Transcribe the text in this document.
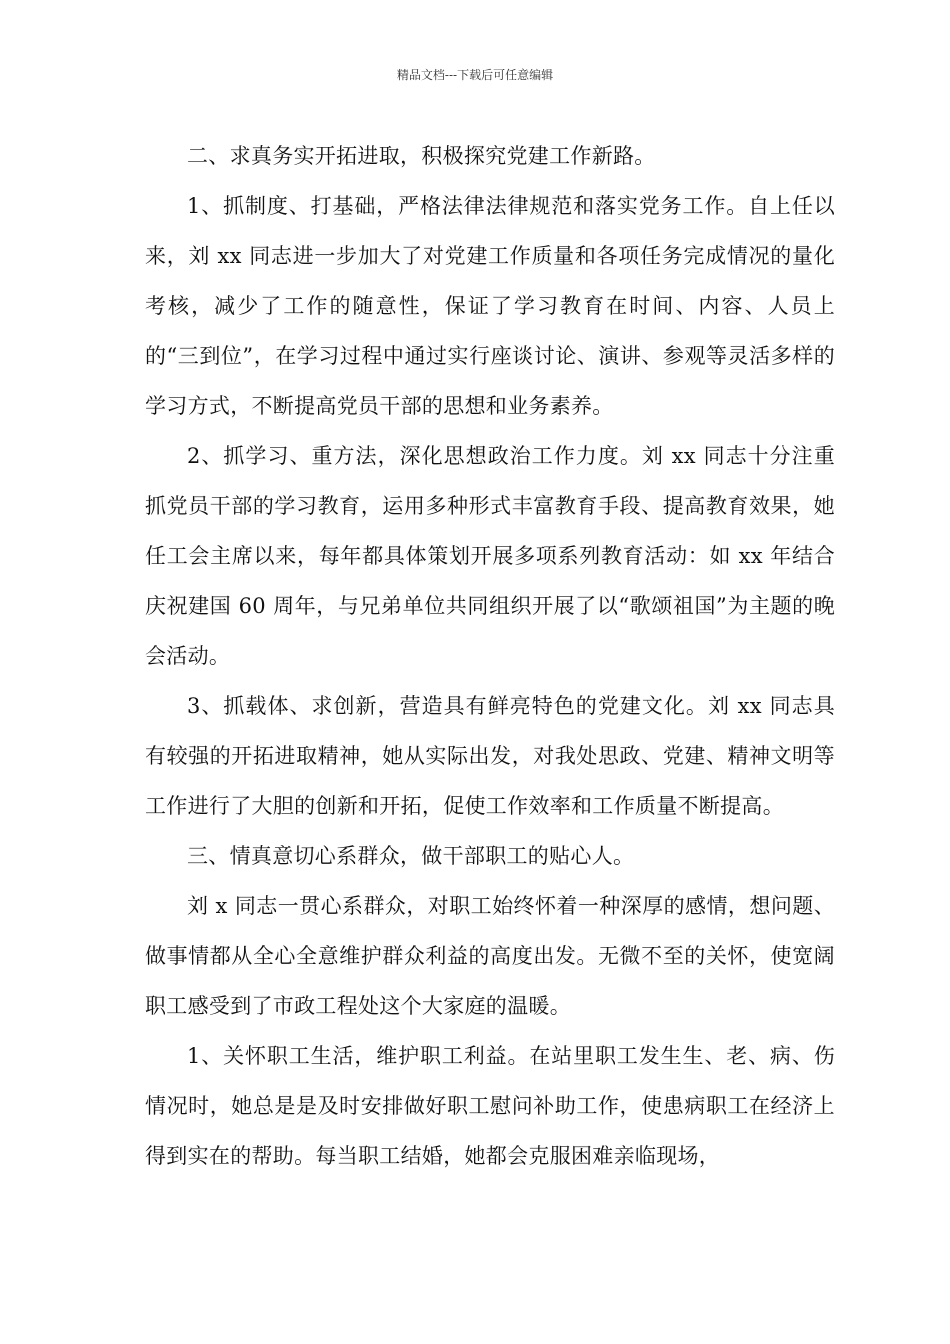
精品文档---下载后可任意编辑

二、求真务实开拓进取，积极探究党建工作新路。

1、抓制度、打基础，严格法律法律规范和落实党务工作。自上任以来，刘 xx 同志进一步加大了对党建工作质量和各项任务完成情况的量化考核，减少了工作的随意性，保证了学习教育在时间、内容、人员上的“三到位”，在学习过程中通过实行座谈讨论、演讲、参观等灵活多样的学习方式，不断提高党员干部的思想和业务素养。

2、抓学习、重方法，深化思想政治工作力度。刘 xx 同志十分注重抓党员干部的学习教育，运用多种形式丰富教育手段、提高教育效果，她任工会主席以来，每年都具体策划开展多项系列教育活动：如 xx 年结合庆祝建国 60 周年，与兄弟单位共同组织开展了以“歌颂祖国”为主题的晚会活动。

3、抓载体、求创新，营造具有鲜亮特色的党建文化。刘 xx 同志具有较强的开拓进取精神，她从实际出发，对我处思政、党建、精神文明等工作进行了大胆的创新和开拓，促使工作效率和工作质量不断提高。

三、情真意切心系群众，做干部职工的贴心人。

刘 x 同志一贯心系群众，对职工始终怀着一种深厚的感情，想问题、做事情都从全心全意维护群众利益的高度出发。无微不至的关怀，使宽阔职工感受到了市政工程处这个大家庭的温暖。

1、关怀职工生活，维护职工利益。在站里职工发生生、老、病、伤情况时，她总是是及时安排做好职工慰问补助工作，使患病职工在经济上得到实在的帮助。每当职工结婚，她都会克服困难亲临现场，
